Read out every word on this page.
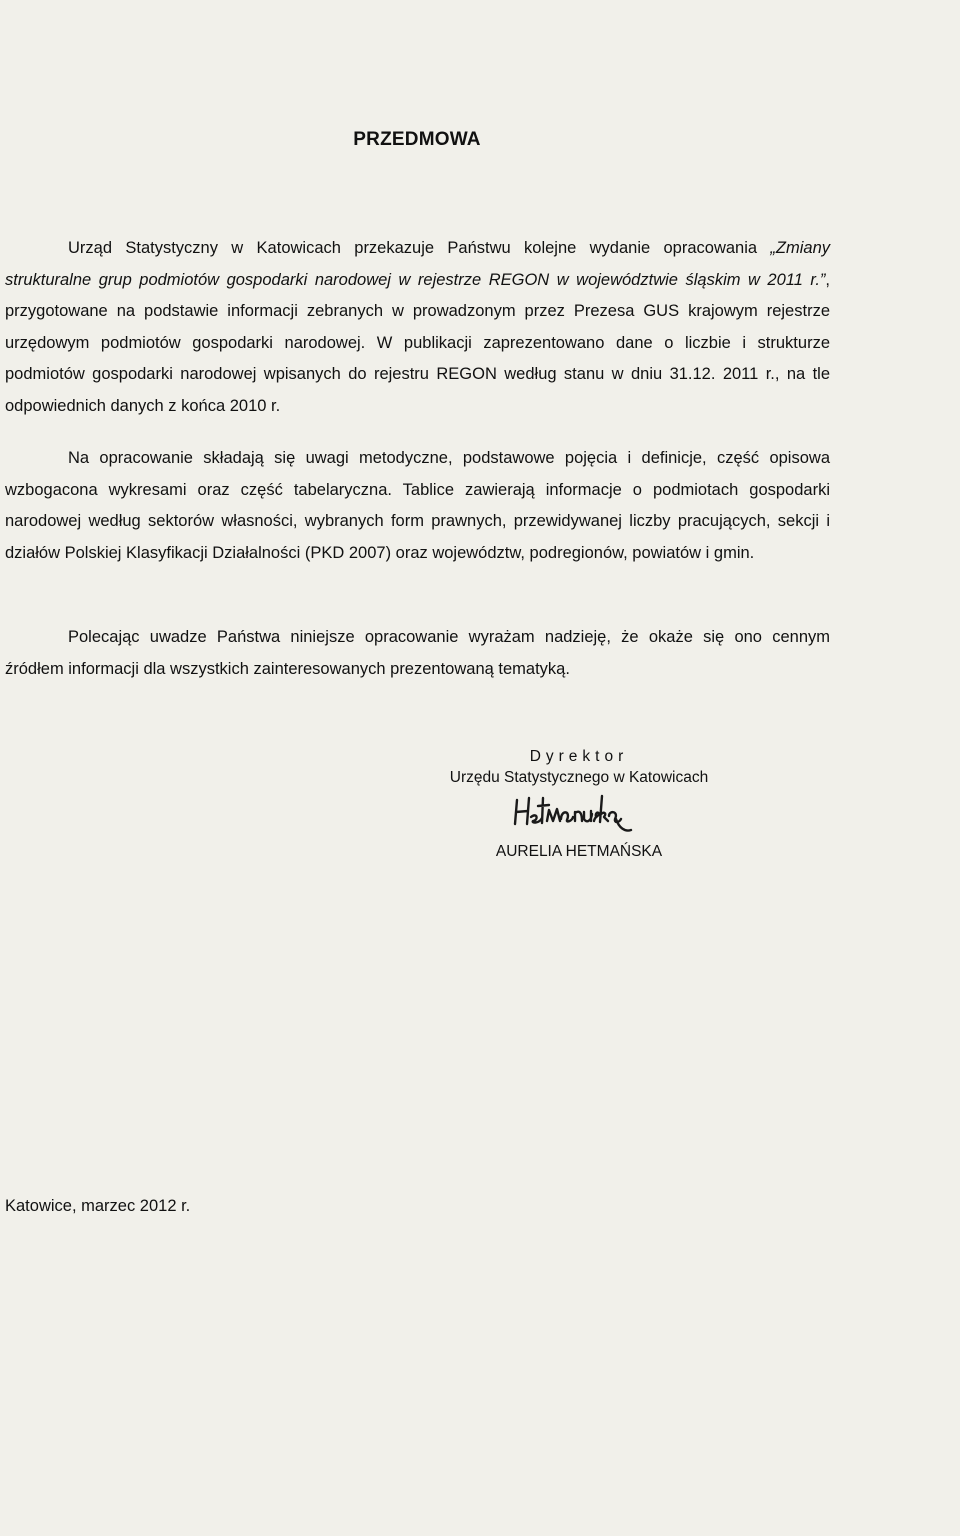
PRZEDMOWA

Urząd Statystyczny w Katowicach przekazuje Państwu kolejne wydanie opracowania „Zmiany strukturalne grup podmiotów gospodarki narodowej w rejestrze REGON w województwie śląskim w 2011 r.”, przygotowane na podstawie informacji zebranych w prowadzonym przez Prezesa GUS krajowym rejestrze urzędowym podmiotów gospodarki narodowej. W publikacji zaprezentowano dane o liczbie i strukturze podmiotów gospodarki narodowej wpisanych do rejestru REGON według stanu w dniu 31.12. 2011 r., na tle odpowiednich danych z końca 2010 r.

Na opracowanie składają się uwagi metodyczne, podstawowe pojęcia i definicje, część opisowa wzbogacona wykresami oraz część tabelaryczna. Tablice zawierają informacje o podmiotach gospodarki narodowej według sektorów własności, wybranych form prawnych, przewidywanej liczby pracujących, sekcji i działów Polskiej Klasyfikacji Działalności (PKD 2007) oraz województw, podregionów, powiatów i gmin.

Polecając uwadze Państwa niniejsze opracowanie wyrażam nadzieję, że okaże się ono cennym źródłem informacji dla wszystkich zainteresowanych prezentowaną tematyką.

Dyrektor
Urzędu Statystycznego w Katowicach
AURELIA HETMAŃSKA
Katowice, marzec 2012 r.
